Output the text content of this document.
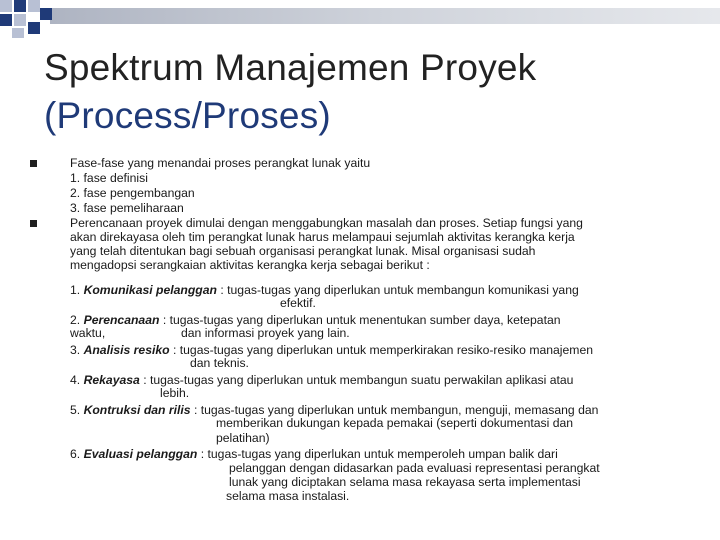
Spektrum Manajemen Proyek
(Process/Proses)
Fase-fase yang menandai proses perangkat lunak yaitu
1. fase definisi
2. fase pengembangan
3. fase pemeliharaan
Perencanaan proyek dimulai dengan menggabungkan masalah dan proses. Setiap fungsi yang
akan direkayasa oleh tim perangkat lunak harus melampaui sejumlah aktivitas kerangka kerja
yang telah ditentukan bagi sebuah organisasi perangkat lunak. Misal organisasi sudah
mengadopsi serangkaian aktivitas kerangka kerja sebagai berikut :
1. Komunikasi pelanggan : tugas-tugas yang diperlukan untuk membangun komunikasi yang
efektif.
2. Perencanaan : tugas-tugas yang diperlukan untuk menentukan sumber daya, ketepatan
waktu,	dan informasi proyek yang lain.
3. Analisis resiko : tugas-tugas yang diperlukan untuk memperkirakan resiko-resiko manajemen
dan teknis.
4. Rekayasa : tugas-tugas yang diperlukan untuk membangun suatu perwakilan aplikasi atau
lebih.
5. Kontruksi dan rilis : tugas-tugas yang diperlukan untuk membangun, menguji, memasang dan
memberikan dukungan kepada pemakai (seperti dokumentasi dan
pelatihan)
6. Evaluasi pelanggan : tugas-tugas yang diperlukan untuk memperoleh umpan balik dari
pelanggan dengan didasarkan pada evaluasi representasi perangkat
lunak yang diciptakan selama masa rekayasa serta implementasi
selama masa instalasi.
